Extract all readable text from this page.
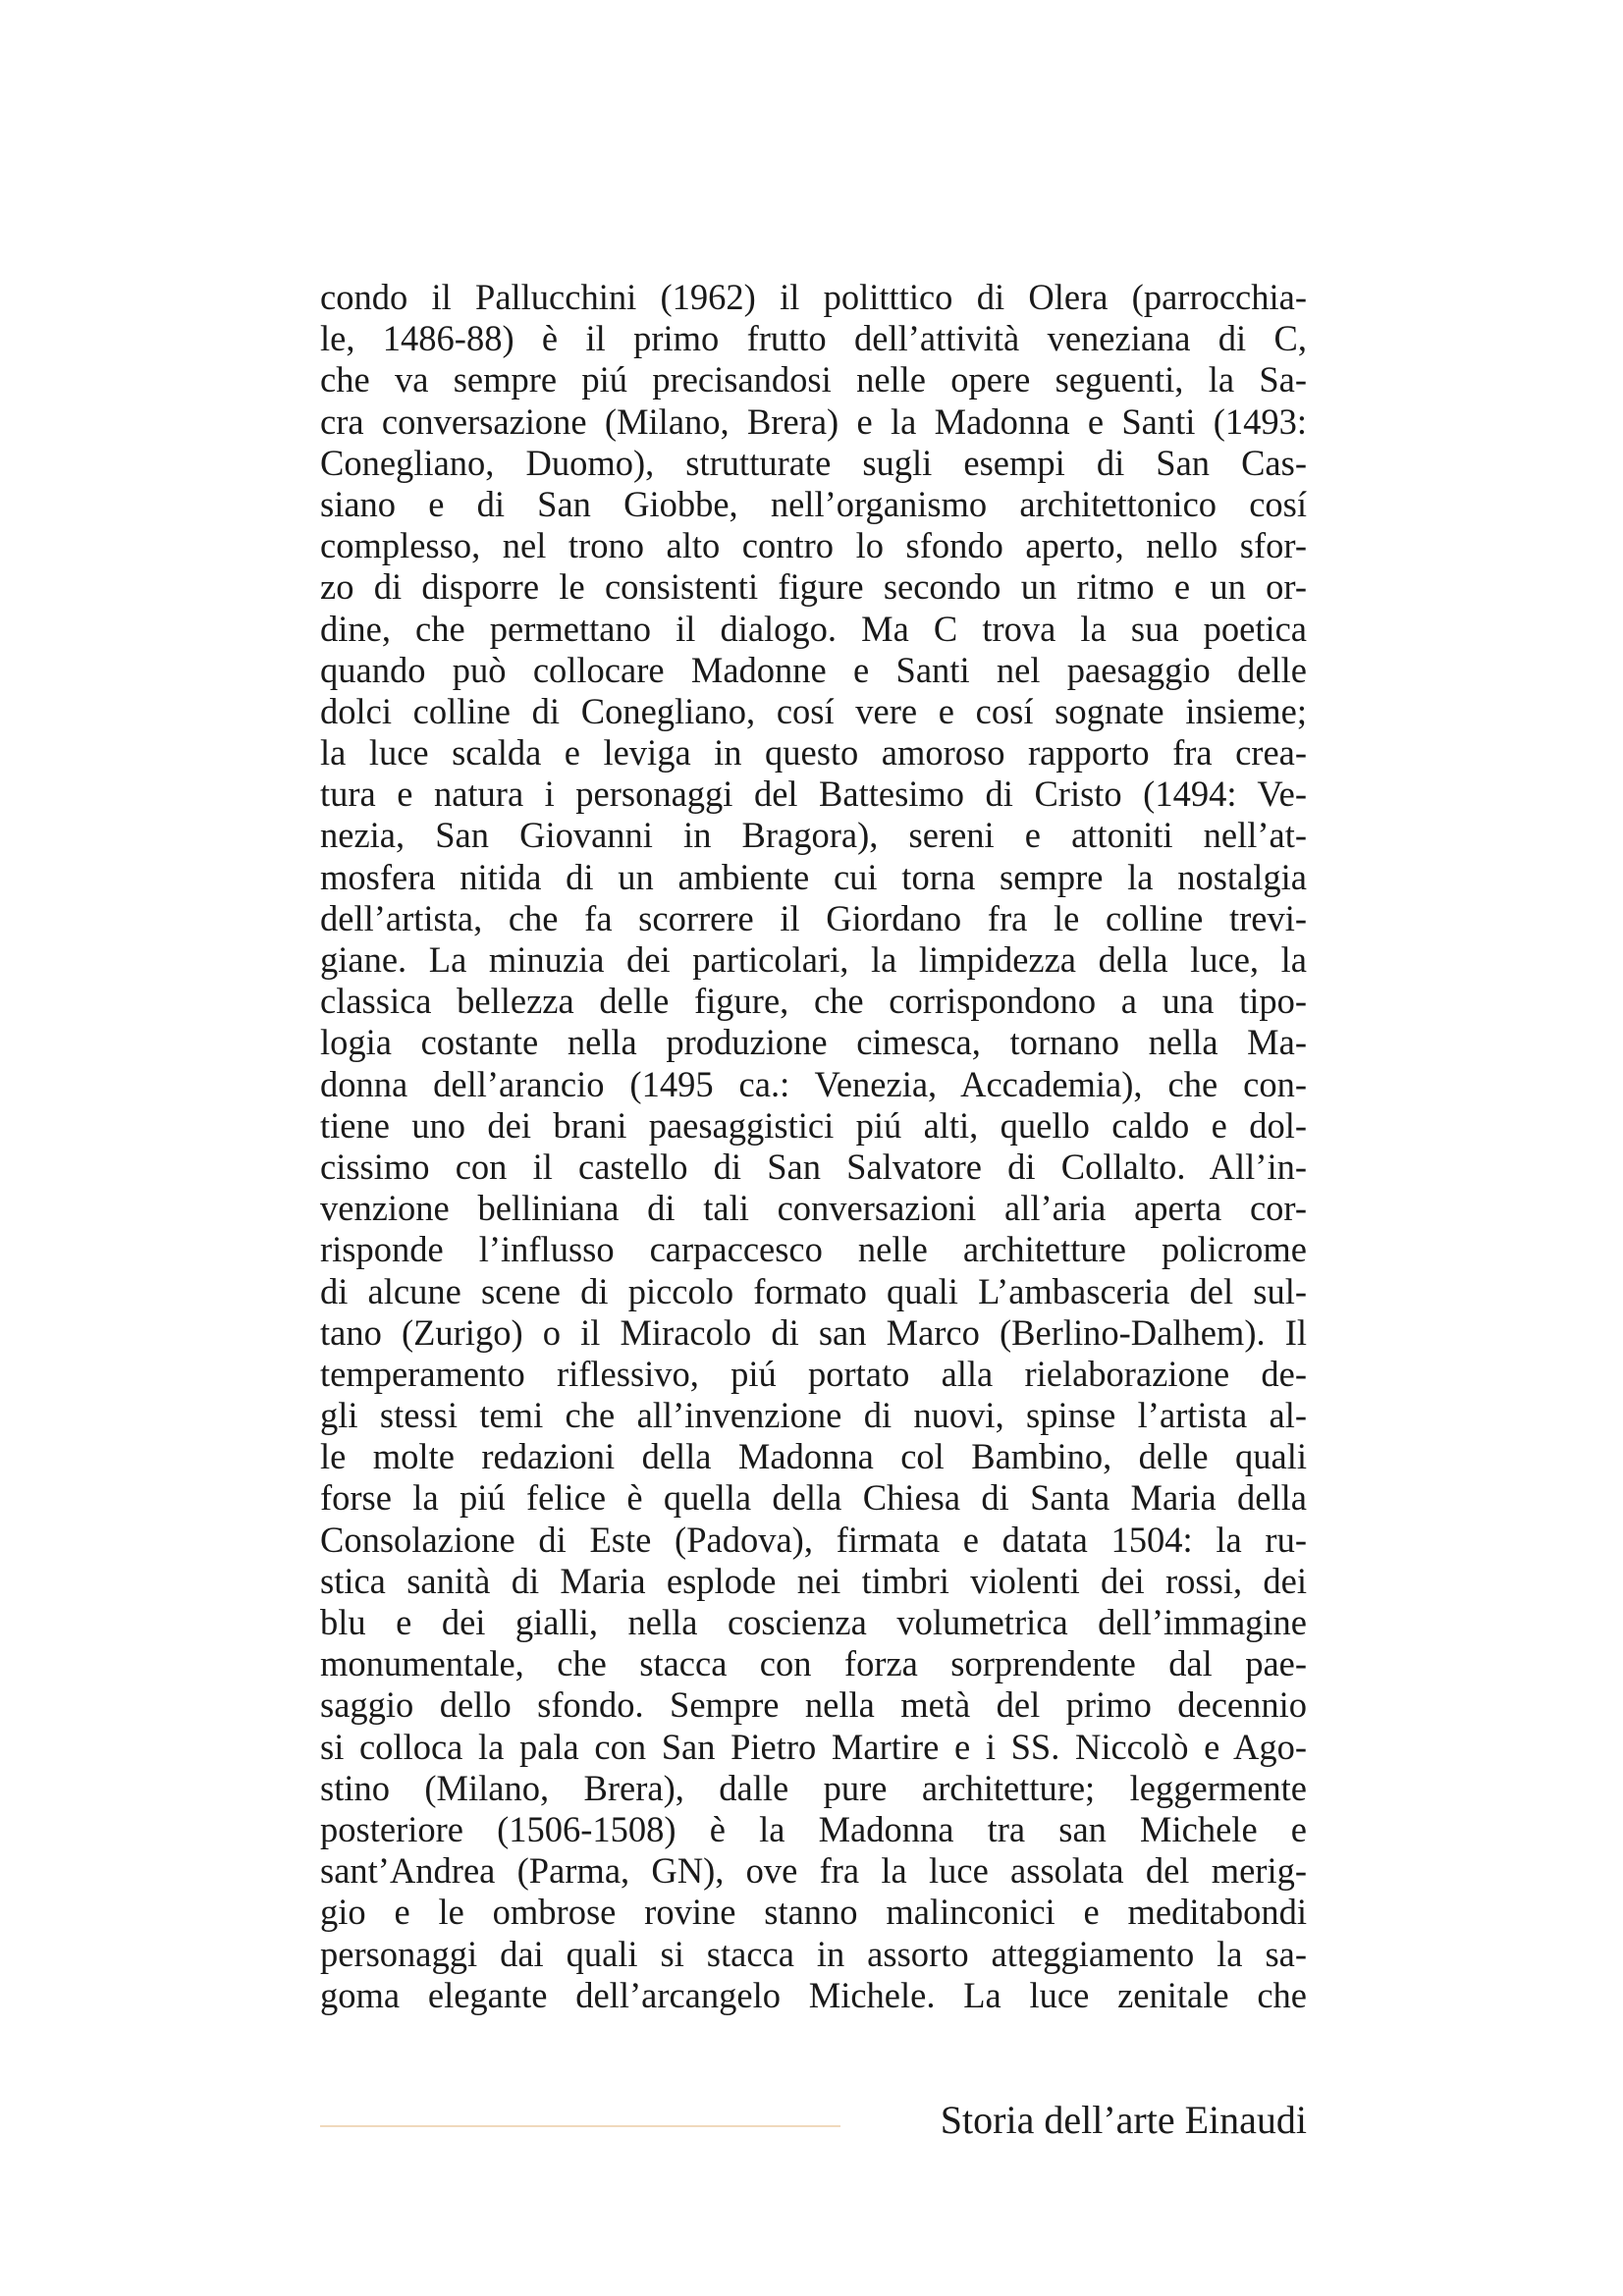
condo il Pallucchini (1962) il politttico di Olera (parrocchia-
le, 1486-88) è il primo frutto dell’attività veneziana di C,
che va sempre piú precisandosi nelle opere seguenti, la Sa-
cra conversazione (Milano, Brera) e la Madonna e Santi (1493:
Conegliano, Duomo), strutturate sugli esempi di San Cas-
siano e di San Giobbe, nell’organismo architettonico cosí
complesso, nel trono alto contro lo sfondo aperto, nello sfor-
zo di disporre le consistenti figure secondo un ritmo e un or-
dine, che permettano il dialogo. Ma C trova la sua poetica
quando può collocare Madonne e Santi nel paesaggio delle
dolci colline di Conegliano, cosí vere e cosí sognate insieme;
la luce scalda e leviga in questo amoroso rapporto fra crea-
tura e natura i personaggi del Battesimo di Cristo (1494: Ve-
nezia, San Giovanni in Bragora), sereni e attoniti nell’at-
mosfera nitida di un ambiente cui torna sempre la nostalgia
dell’artista, che fa scorrere il Giordano fra le colline trevi-
giane. La minuzia dei particolari, la limpidezza della luce, la
classica bellezza delle figure, che corrispondono a una tipo-
logia costante nella produzione cimesca, tornano nella Ma-
donna dell’arancio (1495 ca.: Venezia, Accademia), che con-
tiene uno dei brani paesaggistici piú alti, quello caldo e dol-
cissimo con il castello di San Salvatore di Collalto. All’in-
venzione belliniana di tali conversazioni all’aria aperta cor-
risponde l’influsso carpaccesco nelle architetture policrome
di alcune scene di piccolo formato quali L’ambasceria del sul-
tano (Zurigo) o il Miracolo di san Marco (Berlino-Dalhem). Il
temperamento riflessivo, piú portato alla rielaborazione de-
gli stessi temi che all’invenzione di nuovi, spinse l’artista al-
le molte redazioni della Madonna col Bambino, delle quali
forse la piú felice è quella della Chiesa di Santa Maria della
Consolazione di Este (Padova), firmata e datata 1504: la ru-
stica sanità di Maria esplode nei timbri violenti dei rossi, dei
blu e dei gialli, nella coscienza volumetrica dell’immagine
monumentale, che stacca con forza sorprendente dal pae-
saggio dello sfondo. Sempre nella metà del primo decennio
si colloca la pala con San Pietro Martire e i SS. Niccolò e Ago-
stino (Milano, Brera), dalle pure architetture; leggermente
posteriore (1506-1508) è la Madonna tra san Michele e
sant’Andrea (Parma, GN), ove fra la luce assolata del merig-
gio e le ombrose rovine stanno malinconici e meditabondi
personaggi dai quali si stacca in assorto atteggiamento la sa-
goma elegante dell’arcangelo Michele. La luce zenitale che
Storia dell’arte Einaudi
